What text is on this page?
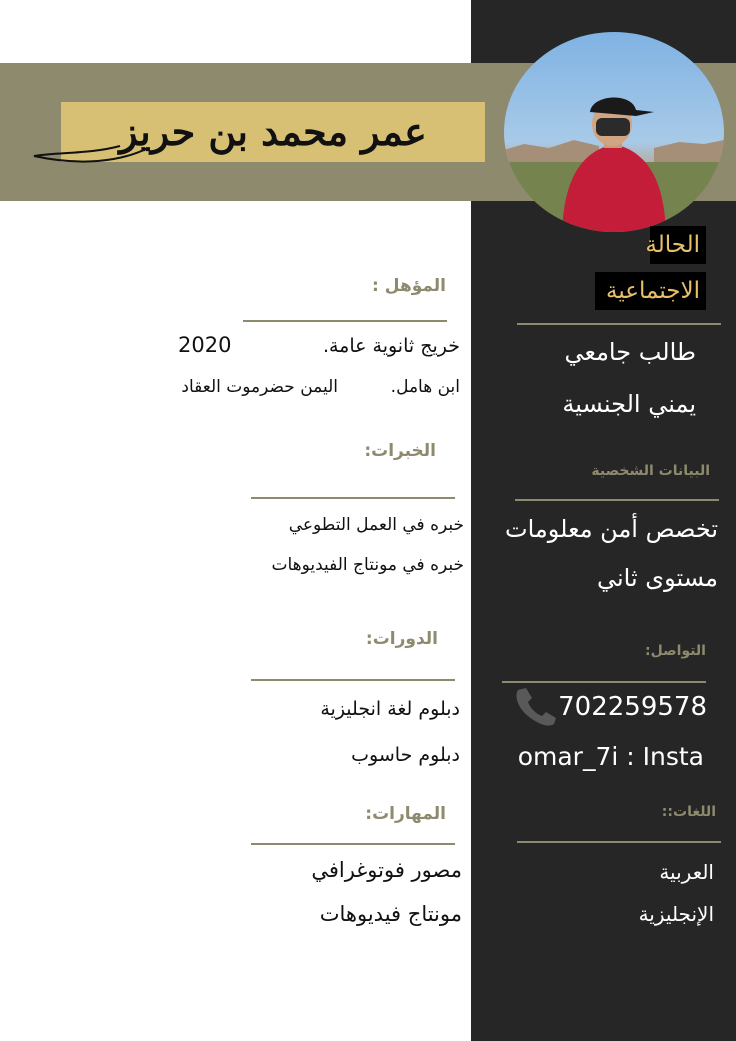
عمر محمد بن حريز
الحالة
الاجتماعية
طالب جامعي
يمني الجنسية
البيانات الشخصية
تخصص أمن معلومات
مستوى ثاني
التواصل:
702259578
omar_7i : Insta
اللغات::
العربية
الإنجليزية
المؤهل :
خريج ثانوية عامة.
2020
ابن هامل.
اليمن حضرموت العقاد
الخبرات:
خبره في العمل التطوعي
خبره في مونتاج الفيديوهات
الدورات:
دبلوم لغة انجليزية
دبلوم حاسوب
المهارات:
مصور فوتوغرافي
مونتاج فيديوهات
